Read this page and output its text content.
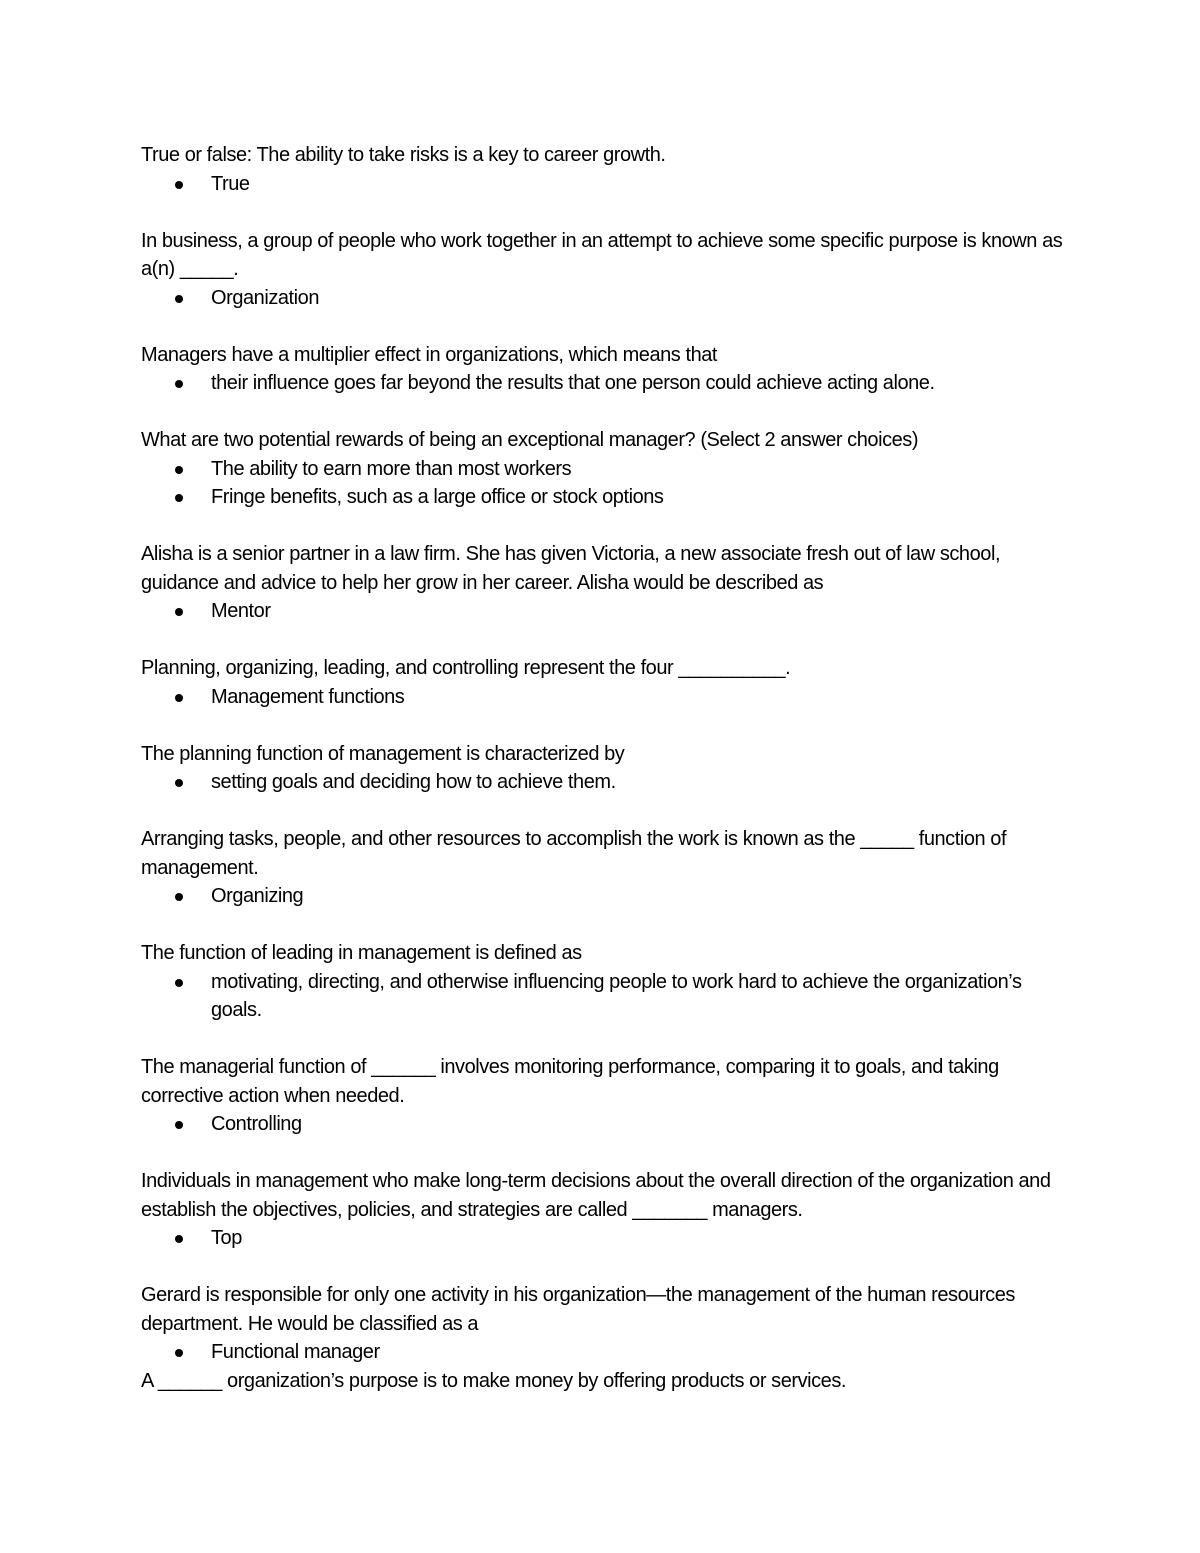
True or false: The ability to take risks is a key to career growth.

True

In business, a group of people who work together in an attempt to achieve some specific purpose is known as a(n) _____.

Organization

Managers have a multiplier effect in organizations, which means that

their influence goes far beyond the results that one person could achieve acting alone.

What are two potential rewards of being an exceptional manager? (Select 2 answer choices)

The ability to earn more than most workers
Fringe benefits, such as a large office or stock options

Alisha is a senior partner in a law firm. She has given Victoria, a new associate fresh out of law school, guidance and advice to help her grow in her career. Alisha would be described as

Mentor

Planning, organizing, leading, and controlling represent the four __________.

Management functions

The planning function of management is characterized by

setting goals and deciding how to achieve them.

Arranging tasks, people, and other resources to accomplish the work is known as the _____ function of management.

Organizing

The function of leading in management is defined as

motivating, directing, and otherwise influencing people to work hard to achieve the organization’s goals.

The managerial function of ______ involves monitoring performance, comparing it to goals, and taking corrective action when needed.

Controlling

Individuals in management who make long-term decisions about the overall direction of the organization and establish the objectives, policies, and strategies are called _______ managers.

Top

Gerard is responsible for only one activity in his organization—the management of the human resources department. He would be classified as a

Functional manager

A ______ organization’s purpose is to make money by offering products or services.
